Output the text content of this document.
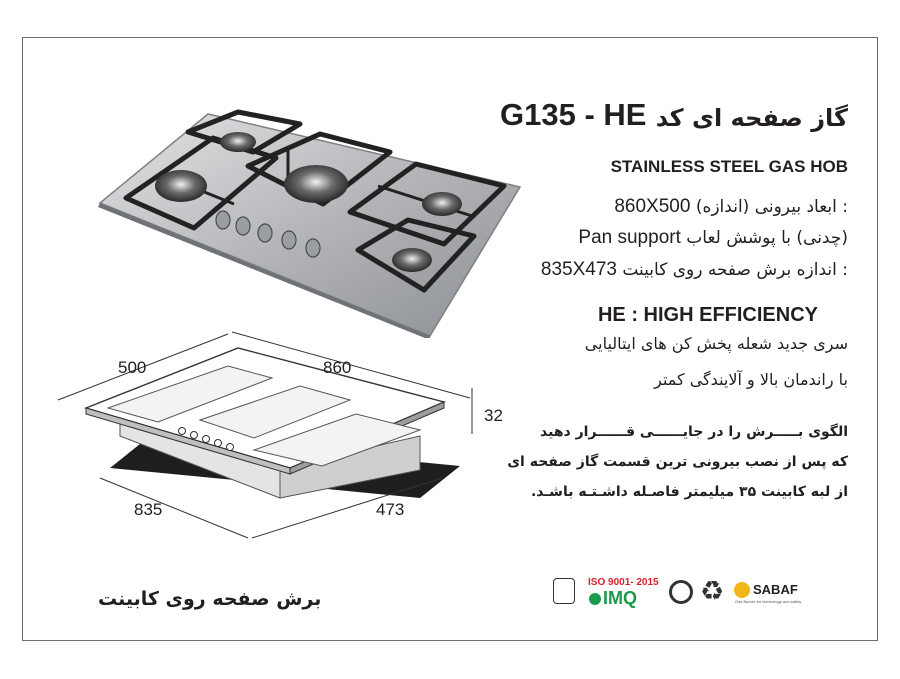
G135 - HE گاز صفحه ای کد
STAINLESS STEEL GAS HOB
: ابعاد بیرونی (اندازه) 860X500
(چدنی) با پوشش لعاب Pan support
: اندازه برش صفحه روی کابینت 835X473
HE : HIGH EFFICIENCY
سری جدید شعله پخش کن های ایتالیایی
با راندمان بالا و آلایندگی کمتر
الگوی بـــــرش را در جایــــــی قــــــرار دهید
که پس از نصب بیرونی ترین قسمت گاز صفحه ای
از لبه کابینت ۳۵ میلیمتر فاصـله داشـتـه باشـد.
500	860
32
835	473
برش صفحه روی کابینت
ISO 9001- 2015
IMQ ♻ SABAF
Gas Burner for technology and safety
